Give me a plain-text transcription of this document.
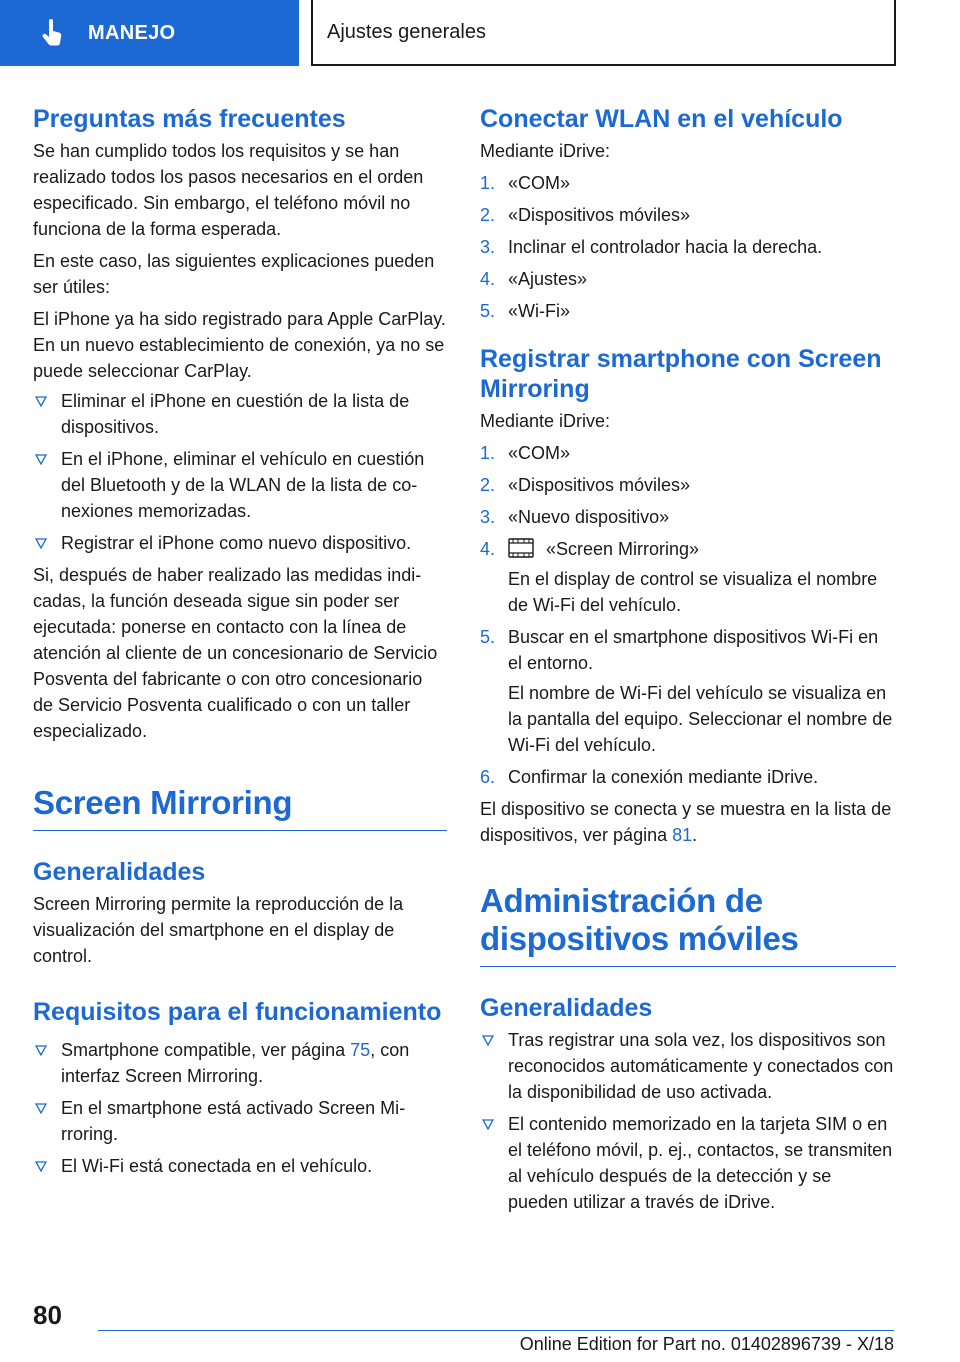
MANEJO	Ajustes generales
Preguntas más frecuentes
Se han cumplido todos los requisitos y se han realizado todos los pasos necesarios en el orden especificado. Sin embargo, el teléfono móvil no funciona de la forma esperada.
En este caso, las siguientes explicaciones pueden ser útiles:
El iPhone ya ha sido registrado para Apple CarPlay. En un nuevo establecimiento de conexión, ya no se puede seleccionar CarPlay.
Eliminar el iPhone en cuestión de la lista de dispositivos.
En el iPhone, eliminar el vehículo en cuestión del Bluetooth y de la WLAN de la lista de conexiones memorizadas.
Registrar el iPhone como nuevo dispositivo.
Si, después de haber realizado las medidas indicadas, la función deseada sigue sin poder ser ejecutada: ponerse en contacto con la línea de atención al cliente de un concesionario de Servicio Posventa del fabricante o con otro concesionario de Servicio Posventa cualificado o con un taller especializado.
Screen Mirroring
Generalidades
Screen Mirroring permite la reproducción de la visualización del smartphone en el display de control.
Requisitos para el funcionamiento
Smartphone compatible, ver página 75, con interfaz Screen Mirroring.
En el smartphone está activado Screen Mirroring.
El Wi-Fi está conectada en el vehículo.
Conectar WLAN en el vehículo
Mediante iDrive:
1. «COM»
2. «Dispositivos móviles»
3. Inclinar el controlador hacia la derecha.
4. «Ajustes»
5. «Wi-Fi»
Registrar smartphone con Screen Mirroring
Mediante iDrive:
1. «COM»
2. «Dispositivos móviles»
3. «Nuevo dispositivo»
4.	«Screen Mirroring»
En el display de control se visualiza el nombre de Wi-Fi del vehículo.
5. Buscar en el smartphone dispositivos Wi-Fi en el entorno.
El nombre de Wi-Fi del vehículo se visualiza en la pantalla del equipo. Seleccionar el nombre de Wi-Fi del vehículo.
6. Confirmar la conexión mediante iDrive.
El dispositivo se conecta y se muestra en la lista de dispositivos, ver página 81.
Administración de dispositivos móviles
Generalidades
Tras registrar una sola vez, los dispositivos son reconocidos automáticamente y conectados con la disponibilidad de uso activada.
El contenido memorizado en la tarjeta SIM o en el teléfono móvil, p. ej., contactos, se transmiten al vehículo después de la detección y se pueden utilizar a través de iDrive.
80
Online Edition for Part no. 01402896739 - X/18
